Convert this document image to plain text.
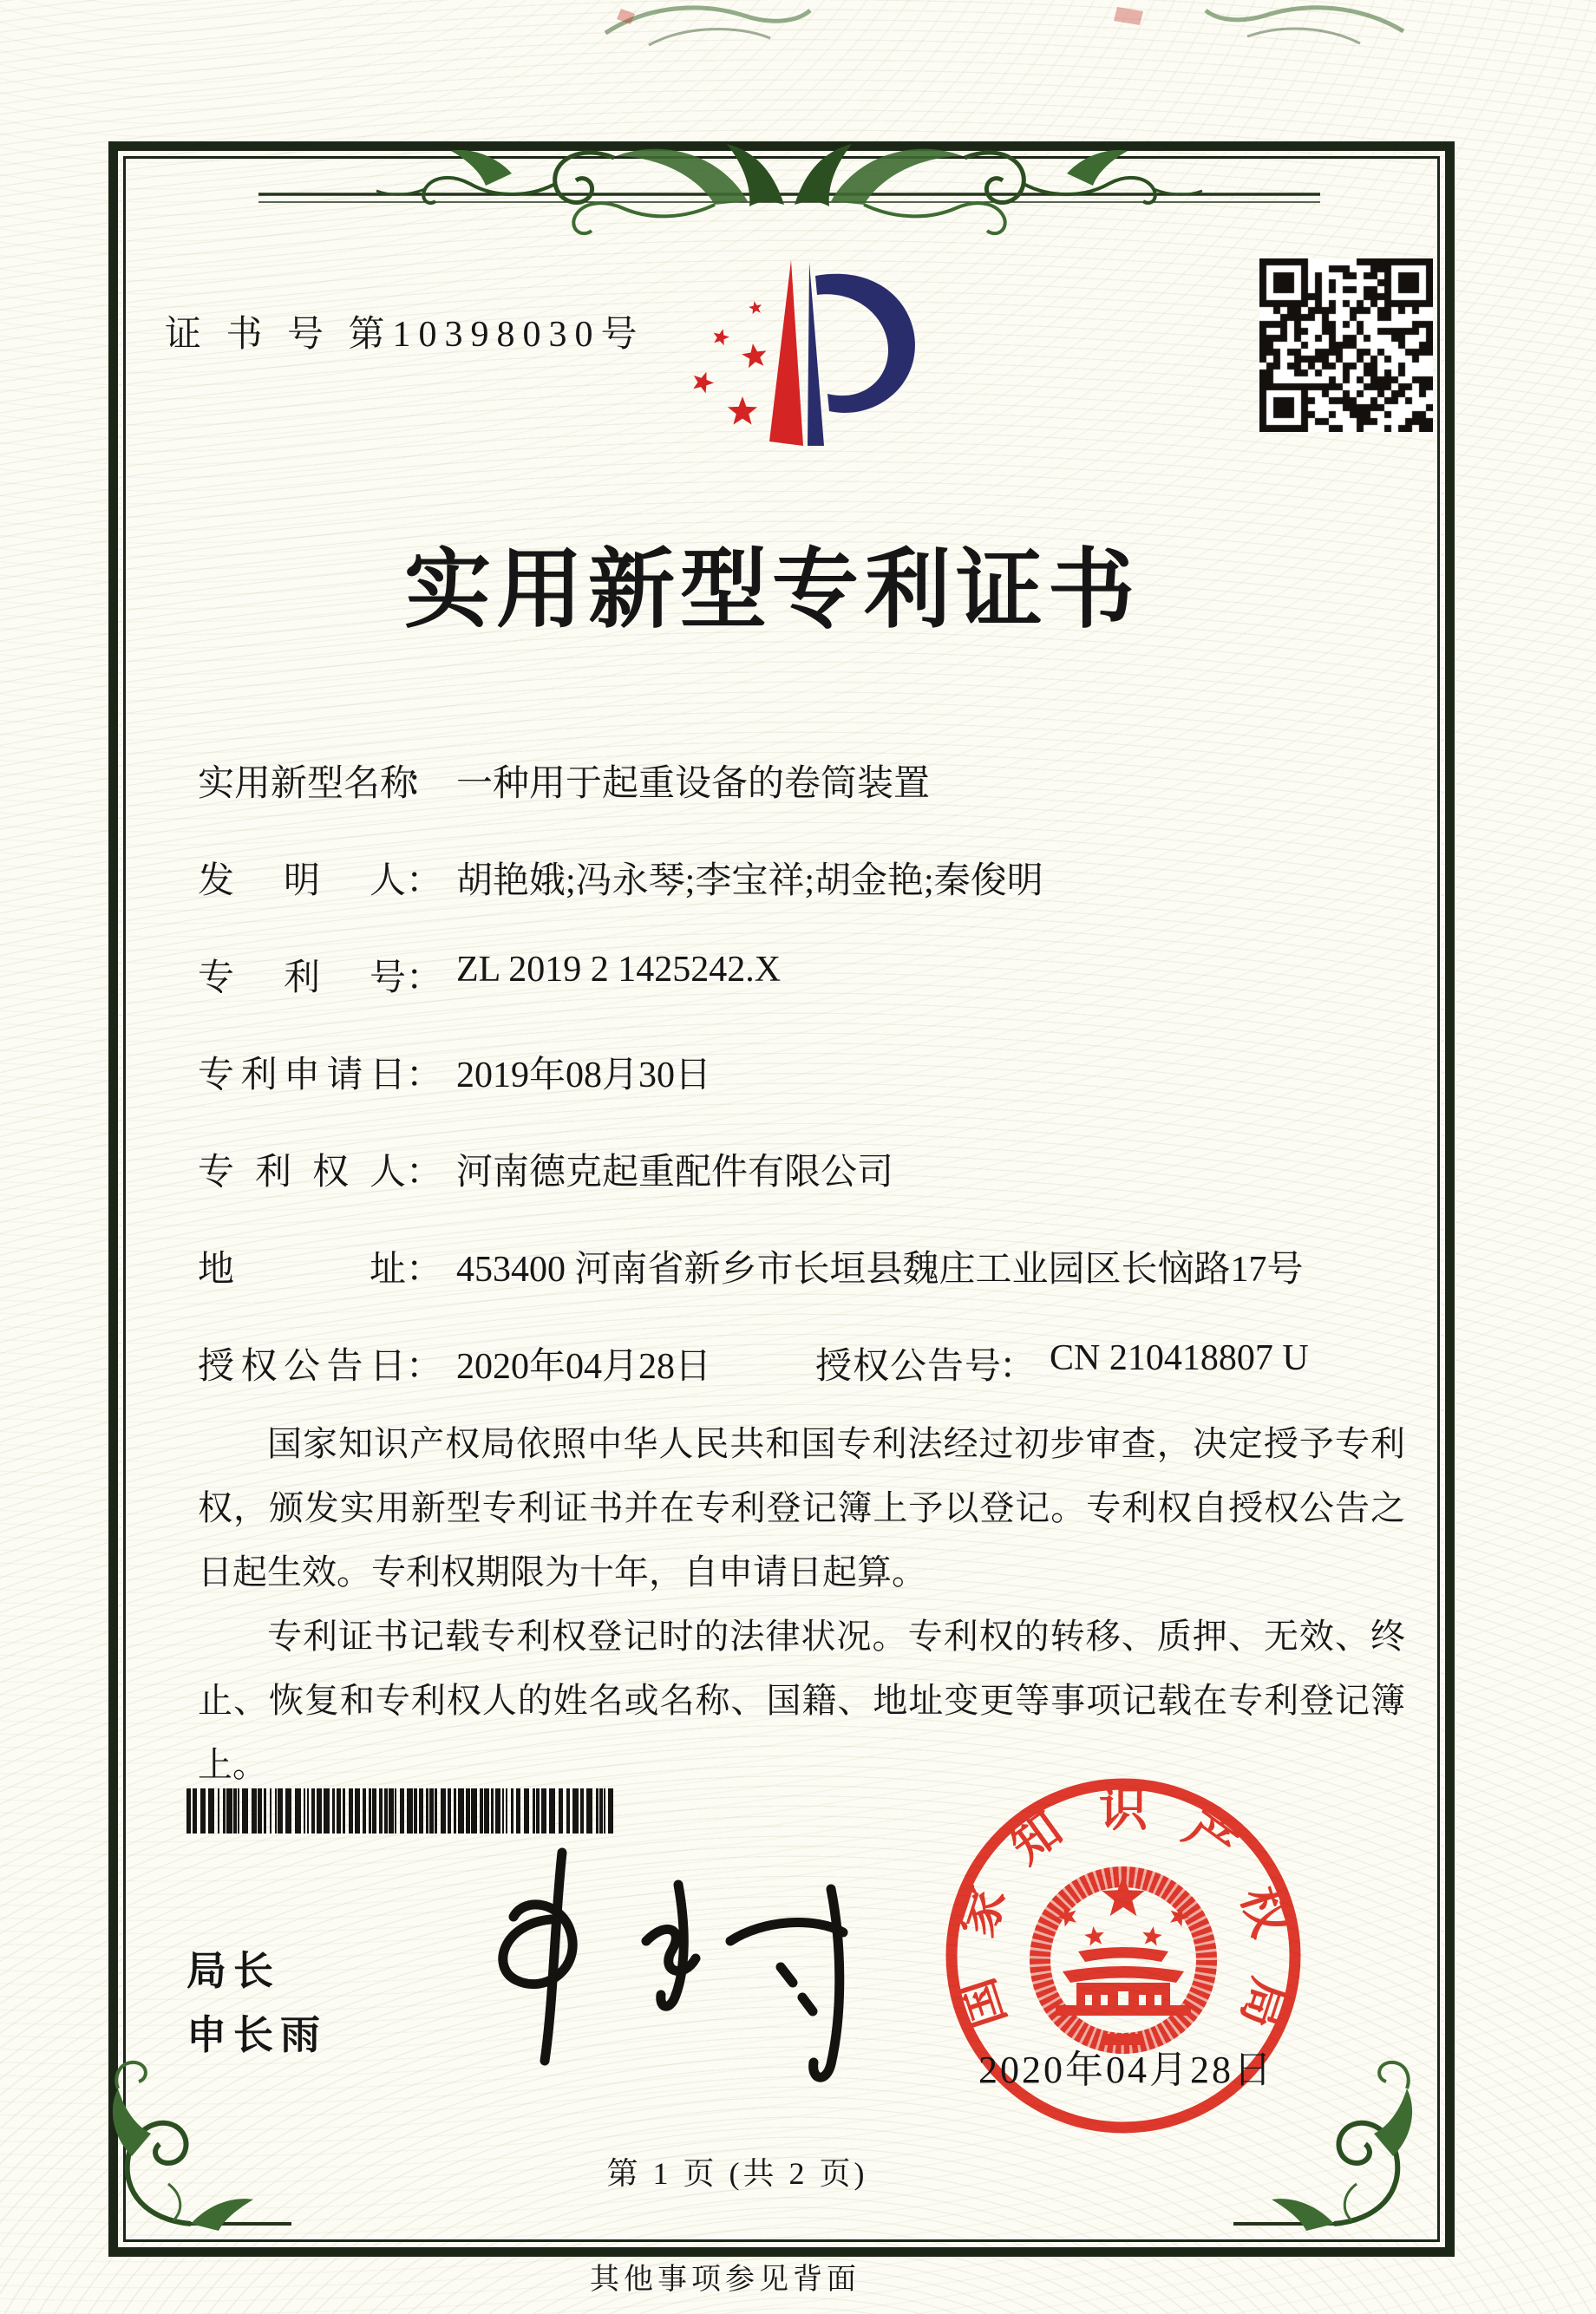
证 书 号 第10398030号
实用新型专利证书
实用新型名称
： 一种用于起重设备的卷筒装置
发明人 ： 胡艳娥;冯永琴;李宝祥;胡金艳;秦俊明
专利号 ： ZL 2019 2 1425242.X
专利申请日 ： 2019年08月30日
专利权人 ： 河南德克起重配件有限公司
地址 ： 453400 河南省新乡市长垣县魏庄工业园区长恼路17号
授权公告日 ： 2020年04月28日	授权公告号
： CN 210418807 U

国家知识产权局依照中华人民共和国专利法经过初步审查，决定授予专利权，颁发实用新型专利证书并在专利登记簿上予以登记。专利权自授权公告之日起生效。专利权期限为十年，自申请日起算。

专利证书记载专利权登记时的法律状况。专利权的转移、质押、无效、终止、恢复和专利权人的姓名或名称、国籍、地址变更等事项记载在专利登记簿上。

局长
申长雨
国
家
知 识 产
权
局
2020年04月28日
第 1 页 (共 2 页)
其他事项参见背面
